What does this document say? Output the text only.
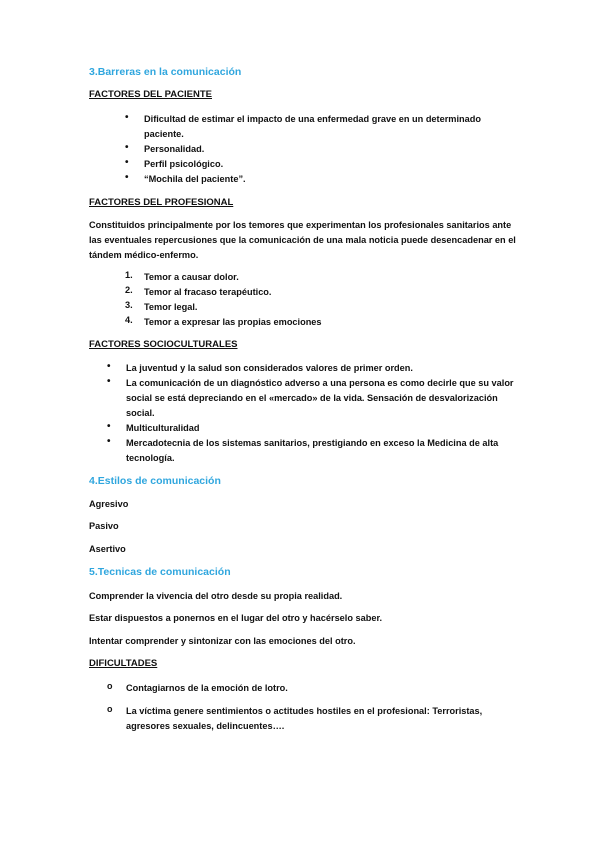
3.Barreras en la comunicación
FACTORES DEL PACIENTE
• Dificultad de estimar el impacto de una enfermedad grave en un determinado paciente.
• Personalidad.
• Perfil psicológico.
• “Mochila del paciente”.
FACTORES DEL PROFESIONAL
Constituidos principalmente por los temores que experimentan los profesionales sanitarios ante las eventuales repercusiones que la comunicación de una mala noticia puede desencadenar en el tándem médico-enfermo.
1. Temor a causar dolor.
2. Temor al fracaso terapéutico.
3. Temor legal.
4. Temor a expresar las propias emociones
FACTORES SOCIOCULTURALES
• La juventud y la salud son considerados valores de primer orden.
• La comunicación de un diagnóstico adverso a una persona es como decirle que su valor social se está depreciando en el «mercado» de la vida. Sensación de desvalorización social.
• Multiculturalidad
• Mercadotecnia de los sistemas sanitarios, prestigiando en exceso la Medicina de alta tecnología.
4.Estilos de comunicación
Agresivo
Pasivo
Asertivo
5.Tecnicas de comunicación
Comprender la vivencia del otro desde su propia realidad.
Estar dispuestos a ponernos en el lugar del otro y hacérselo saber.
Intentar comprender y sintonizar con las emociones del otro.
DIFICULTADES
o Contagiarnos de la emoción de lotro.
o La víctima genere sentimientos o actitudes hostiles en el profesional: Terroristas, agresores sexuales, delincuentes….
